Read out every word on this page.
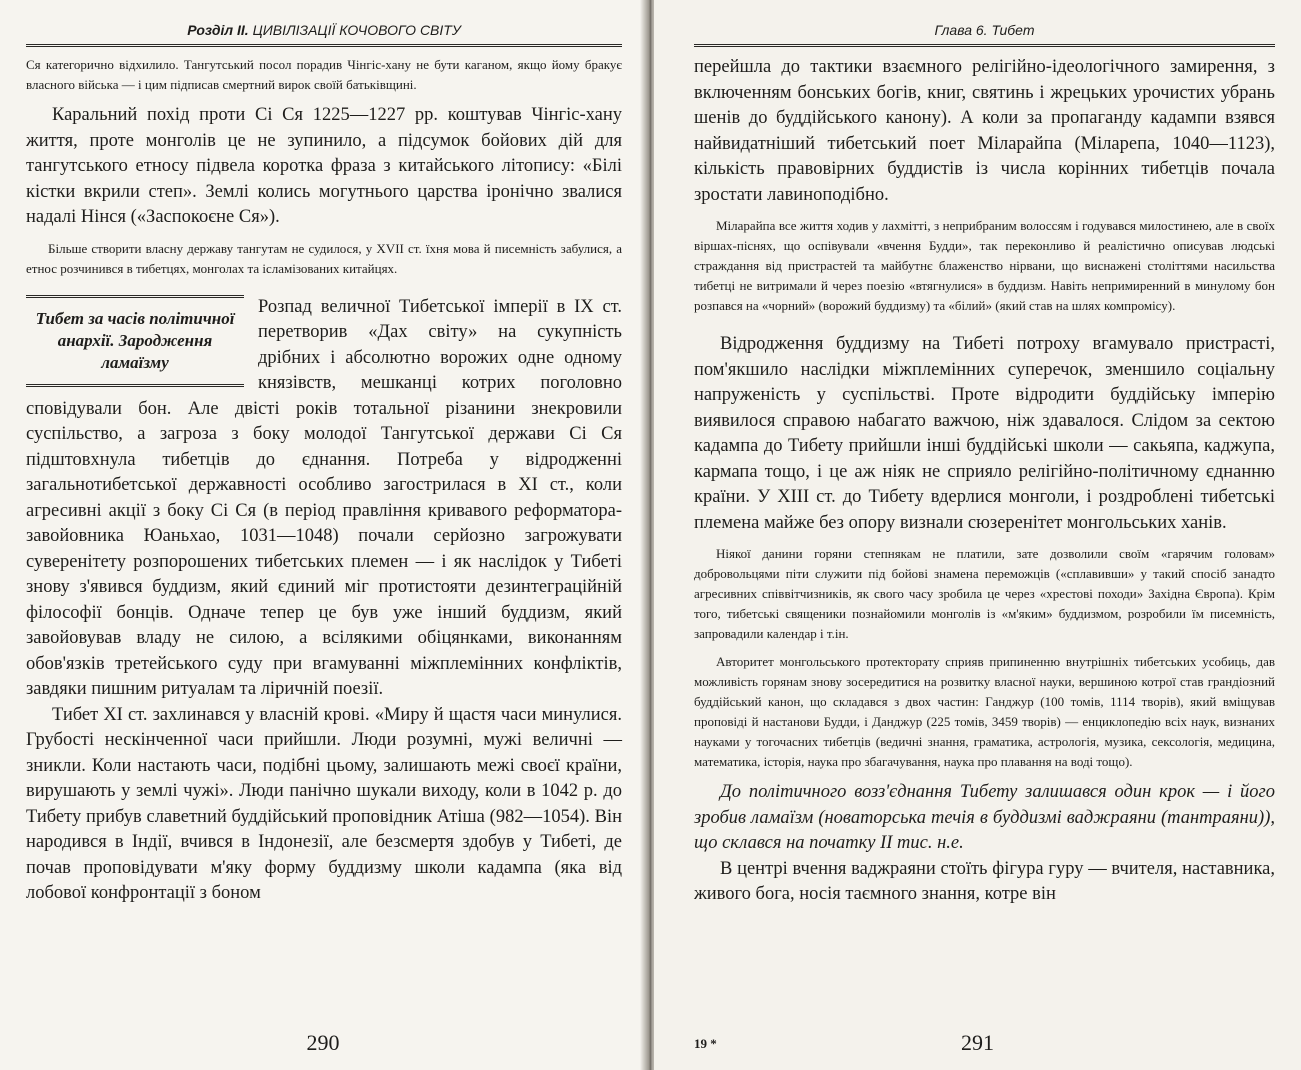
Розділ ІІ. ЦИВІЛІЗАЦІЇ КОЧОВОГО СВІТУ

Ся категорично відхилило. Тангутський посол порадив Чінгіс-хану не бути каганом, якщо йому бракує власного війська — і цим підписав смертний вирок своїй батьківщині.

Каральний похід проти Сі Ся 1225—1227 рр. коштував Чінгіс-хану життя, проте монголів це не зупинило, а підсумок бойових дій для тангутського етносу підвела коротка фраза з китайського літопису: «Білі кістки вкрили степ». Землі колись могутнього царства іронічно звалися надалі Нінся («Заспокоєне Ся»).

Більше створити власну державу тангутам не судилося, у XVII ст. їхня мова й писемність забулися, а етнос розчинився в тибетцях, монголах та ісламізованих китайцях.

Тибет за часів політичної анархії. Зародження ламаїзму

Розпад величної Тибетської імперії в ІХ ст. перетворив «Дах світу» на сукупність дрібних і абсолютно ворожих одне одному князівств, мешканці котрих поголовно сповідували бон. Але двісті років тотальної різанини знекровили суспільство, а загроза з боку молодої Тангутської держави Сі Ся підштовхнула тибетців до єднання. Потреба у відродженні загальнотибетської державності особливо загострилася в XI ст., коли агресивні акції з боку Сі Ся (в період правління кривавого реформатора-завойовника Юаньхао, 1031—1048) почали серйозно загрожувати суверенітету розпорошених тибетських племен — і як наслідок у Тибеті знову з'явився буддизм, який єдиний міг протистояти дезинтеграційній філософії бонців. Одначе тепер це був уже інший буддизм, який завойовував владу не силою, а всілякими обіцянками, виконанням обов'язків третейського суду при вгамуванні міжплемінних конфліктів, завдяки пишним ритуалам та ліричній поезії.

Тибет XI ст. захлинався у власній крові. «Миру й щастя часи минулися. Грубості нескінченної часи прийшли. Люди розумні, мужі величні — зникли. Коли настають часи, подібні цьому, залишають межі своєї країни, вирушають у землі чужі». Люди панічно шукали виходу, коли в 1042 р. до Тибету прибув славетний буддійський проповідник Атіша (982—1054). Він народився в Індії, вчився в Індонезії, але безсмертя здобув у Тибеті, де почав проповідувати м'яку форму буддизму школи кадампа (яка від лобової конфронтації з боном

290
Глава 6. Тибет

перейшла до тактики взаємного релігійно-ідеологічного замирення, з включенням бонських богів, книг, святинь і жрецьких урочистих убрань шенів до буддійського канону). А коли за пропаганду кадампи взявся найвидатніший тибетський поет Міларайпа (Міларепа, 1040—1123), кількість правовірних буддистів із числа корінних тибетців почала зростати лавиноподібно.

Міларайпа все життя ходив у лахмітті, з неприбраним волоссям і годувався милостинею, але в своїх віршах-піснях, що оспівували «вчення Будди», так переконливо й реалістично описував людські страждання від пристрастей та майбутнє блаженство нірвани, що виснажені століттями насильства тибетці не витримали й через поезію «втягнулися» в буддизм. Навіть непримиренний в минулому бон розпався на «чорний» (ворожий буддизму) та «білий» (який став на шлях компромісу).

Відродження буддизму на Тибеті потроху вгамувало пристрасті, пом'якшило наслідки міжплемінних суперечок, зменшило соціальну напруженість у суспільстві. Проте відродити буддійську імперію виявилося справою набагато важчою, ніж здавалося. Слідом за сектою кадампа до Тибету прийшли інші буддійські школи — сакьяпа, каджупа, кармапа тощо, і це аж ніяк не сприяло релігійно-політичному єднанню країни. У XIII ст. до Тибету вдерлися монголи, і роздроблені тибетські племена майже без опору визнали сюзеренітет монгольських ханів.

Ніякої данини горяни степнякам не платили, зате дозволили своїм «гарячим головам» добровольцями піти служити під бойові знамена переможців («сплавивши» у такий спосіб занадто агресивних співвітчизників, як свого часу зробила це через «хрестові походи» Західна Європа). Крім того, тибетські священики познайомили монголів із «м'яким» буддизмом, розробили їм писемність, запровадили календар і т.ін.

Авторитет монгольського протекторату сприяв припиненню внутрішніх тибетських усобиць, дав можливість горянам знову зосередитися на розвитку власної науки, вершиною котрої став грандіозний буддійський канон, що складався з двох частин: Ганджур (100 томів, 1114 творів), який вміщував проповіді й настанови Будди, і Данджур (225 томів, 3459 творів) — енциклопедію всіх наук, визнаних науками у тогочасних тибетців (ведичні знання, граматика, астрологія, музика, сексологія, медицина, математика, історія, наука про збагачування, наука про плавання на воді тощо).

До політичного возз'єднання Тибету залишався один крок — і його зробив ламаїзм (новаторська течія в буддизмі ваджраяни (тантраяни)), що склався на початку II тис. н.е.

В центрі вчення ваджраяни стоїть фігура гуру — вчителя, наставника, живого бога, носія таємного знання, котре він

19 *	291
